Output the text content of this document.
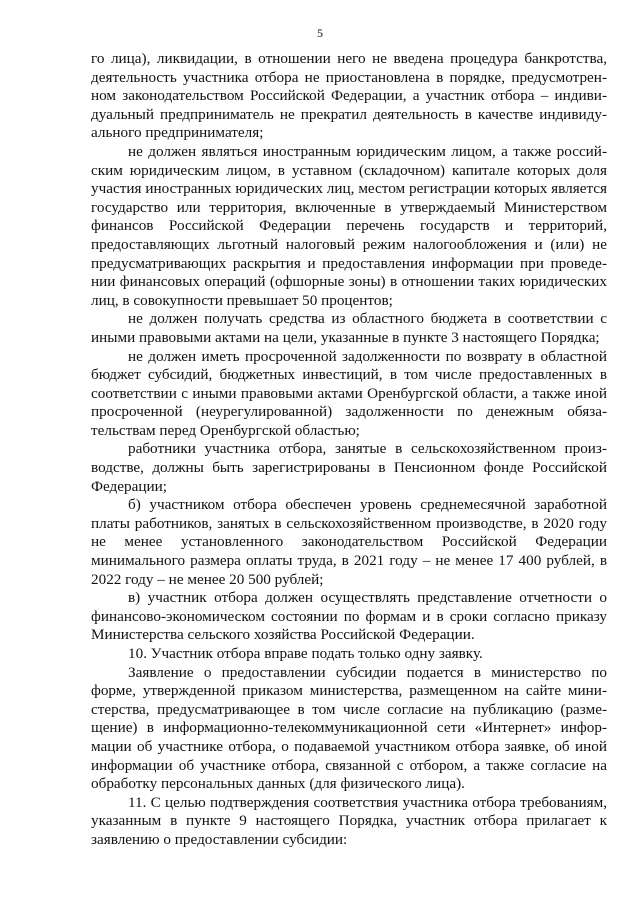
5

го лица), ликвидации, в отношении него не введена процедура банкротства, деятельность участника отбора не приостановлена в порядке, предусмотренном законодательством Российской Федерации, а участник отбора – индивидуальный предприниматель не прекратил деятельность в качестве индивидуального предпринимателя;

не должен являться иностранным юридическим лицом, а также российским юридическим лицом, в уставном (складочном) капитале которых доля участия иностранных юридических лиц, местом регистрации которых является государство или территория, включенные в утверждаемый Министерством финансов Российской Федерации перечень государств и территорий, предоставляющих льготный налоговый режим налогообложения и (или) не предусматривающих раскрытия и предоставления информации при проведении финансовых операций (офшорные зоны) в отношении таких юридических лиц, в совокупности превышает 50 процентов;

не должен получать средства из областного бюджета в соответствии с иными правовыми актами на цели, указанные в пункте 3 настоящего Порядка;

не должен иметь просроченной задолженности по возврату в областной бюджет субсидий, бюджетных инвестиций, в том числе предоставленных в соответствии с иными правовыми актами Оренбургской области, а также иной просроченной (неурегулированной) задолженности по денежным обязательствам перед Оренбургской областью;

работники участника отбора, занятые в сельскохозяйственном производстве, должны быть зарегистрированы в Пенсионном фонде Российской Федерации;

б) участником отбора обеспечен уровень среднемесячной заработной платы работников, занятых в сельскохозяйственном производстве, в 2020 году не менее установленного законодательством Российской Федерации минимального размера оплаты труда, в 2021 году – не менее 17 400 рублей, в 2022 году – не менее 20 500 рублей;

в) участник отбора должен осуществлять представление отчетности о финансово-экономическом состоянии по формам и в сроки согласно приказу Министерства сельского хозяйства Российской Федерации.

10. Участник отбора вправе подать только одну заявку.

Заявление о предоставлении субсидии подается в министерство по форме, утвержденной приказом министерства, размещенном на сайте министерства, предусматривающее в том числе согласие на публикацию (размещение) в информационно-телекоммуникационной сети «Интернет» информации об участнике отбора, о подаваемой участником отбора заявке, об иной информации об участнике отбора, связанной с отбором, а также согласие на обработку персональных данных (для физического лица).

11. С целью подтверждения соответствия участника отбора требованиям, указанным в пункте 9 настоящего Порядка, участник отбора прилагает к заявлению о предоставлении субсидии:
